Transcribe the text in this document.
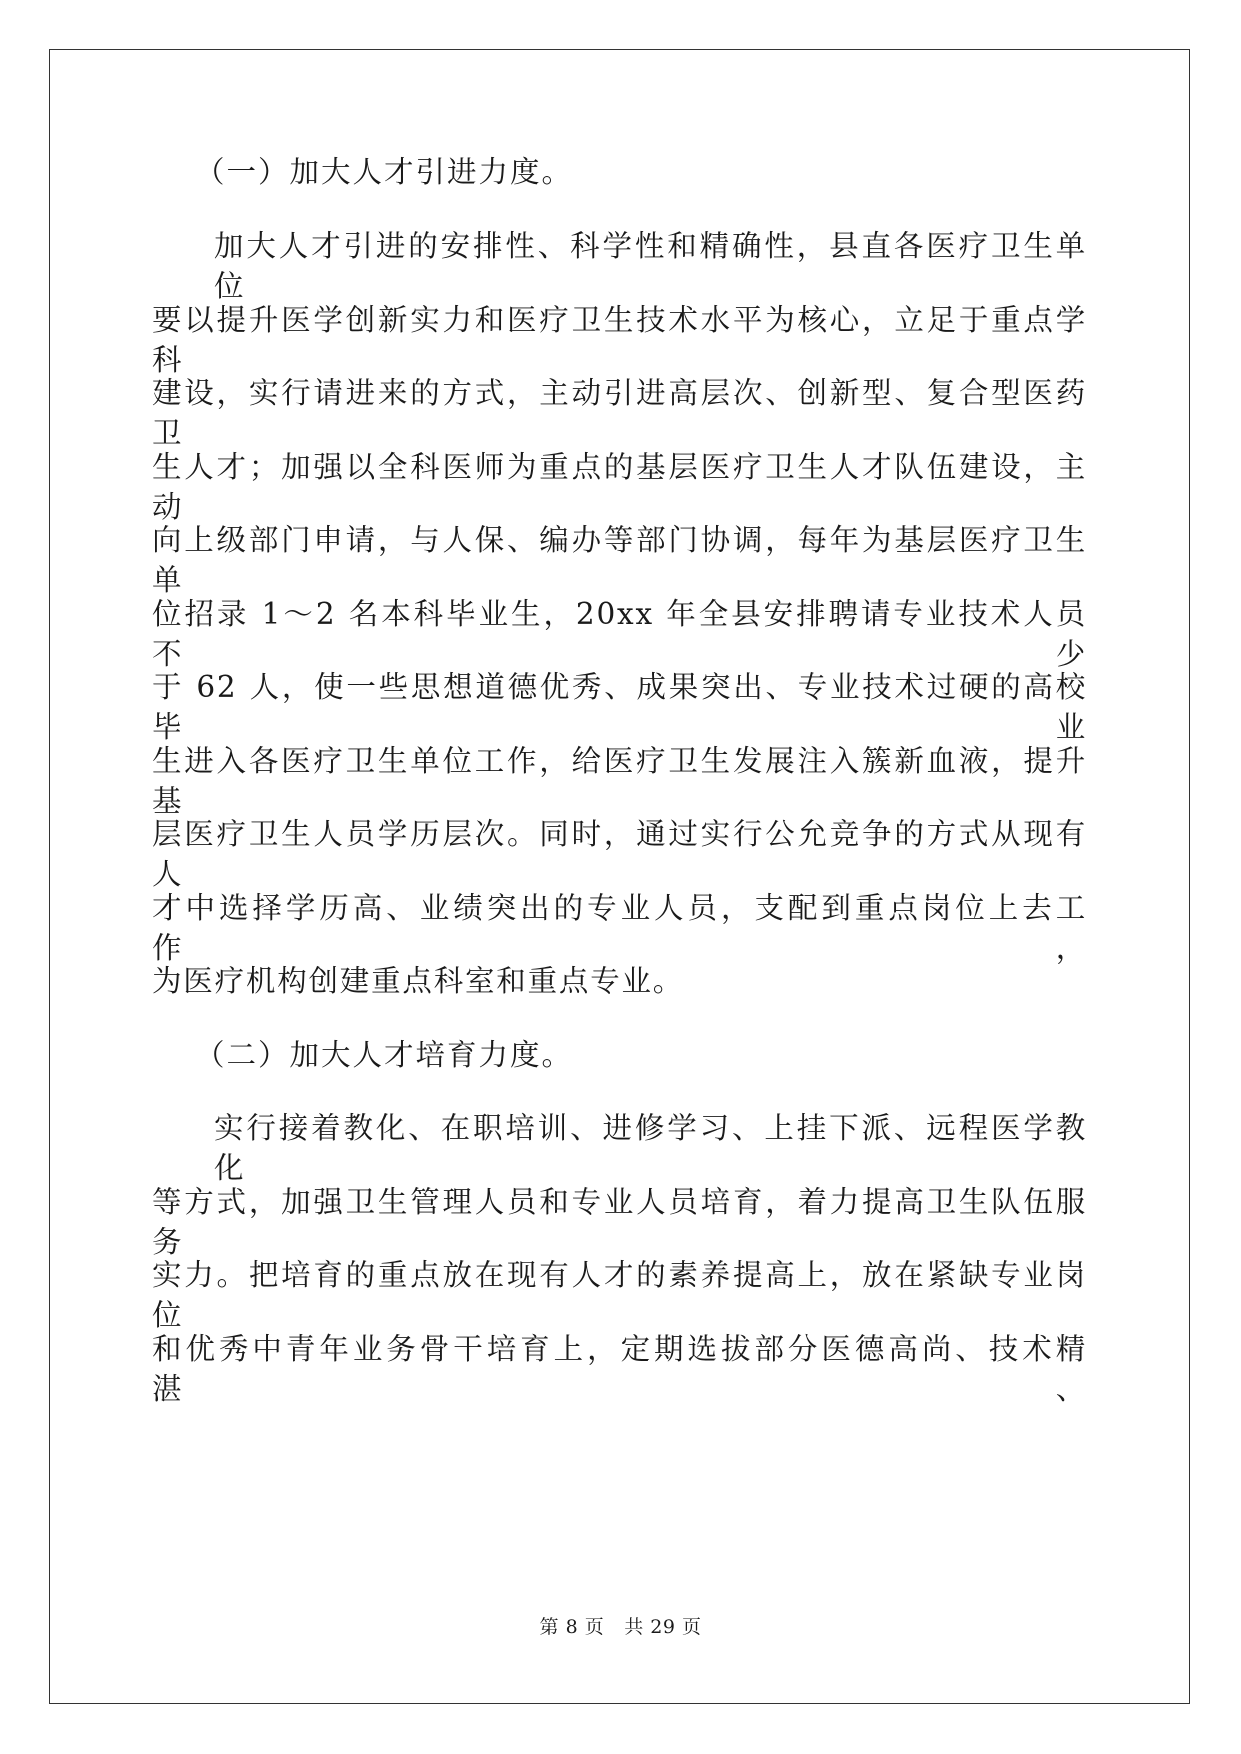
（一）加大人才引进力度。
加大人才引进的安排性、科学性和精确性，县直各医疗卫生单位
要以提升医学创新实力和医疗卫生技术水平为核心，立足于重点学科
建设，实行请进来的方式，主动引进高层次、创新型、复合型医药卫
生人才；加强以全科医师为重点的基层医疗卫生人才队伍建设，主动
向上级部门申请，与人保、编办等部门协调，每年为基层医疗卫生单
位招录 1～2 名本科毕业生，20xx 年全县安排聘请专业技术人员不少
于 62 人，使一些思想道德优秀、成果突出、专业技术过硬的高校毕业
生进入各医疗卫生单位工作，给医疗卫生发展注入簇新血液，提升基
层医疗卫生人员学历层次。同时，通过实行公允竞争的方式从现有人
才中选择学历高、业绩突出的专业人员，支配到重点岗位上去工作，
为医疗机构创建重点科室和重点专业。
（二）加大人才培育力度。
实行接着教化、在职培训、进修学习、上挂下派、远程医学教化
等方式，加强卫生管理人员和专业人员培育，着力提高卫生队伍服务
实力。把培育的重点放在现有人才的素养提高上，放在紧缺专业岗位
和优秀中青年业务骨干培育上，定期选拔部分医德高尚、技术精湛、
第 8 页 共 29 页
